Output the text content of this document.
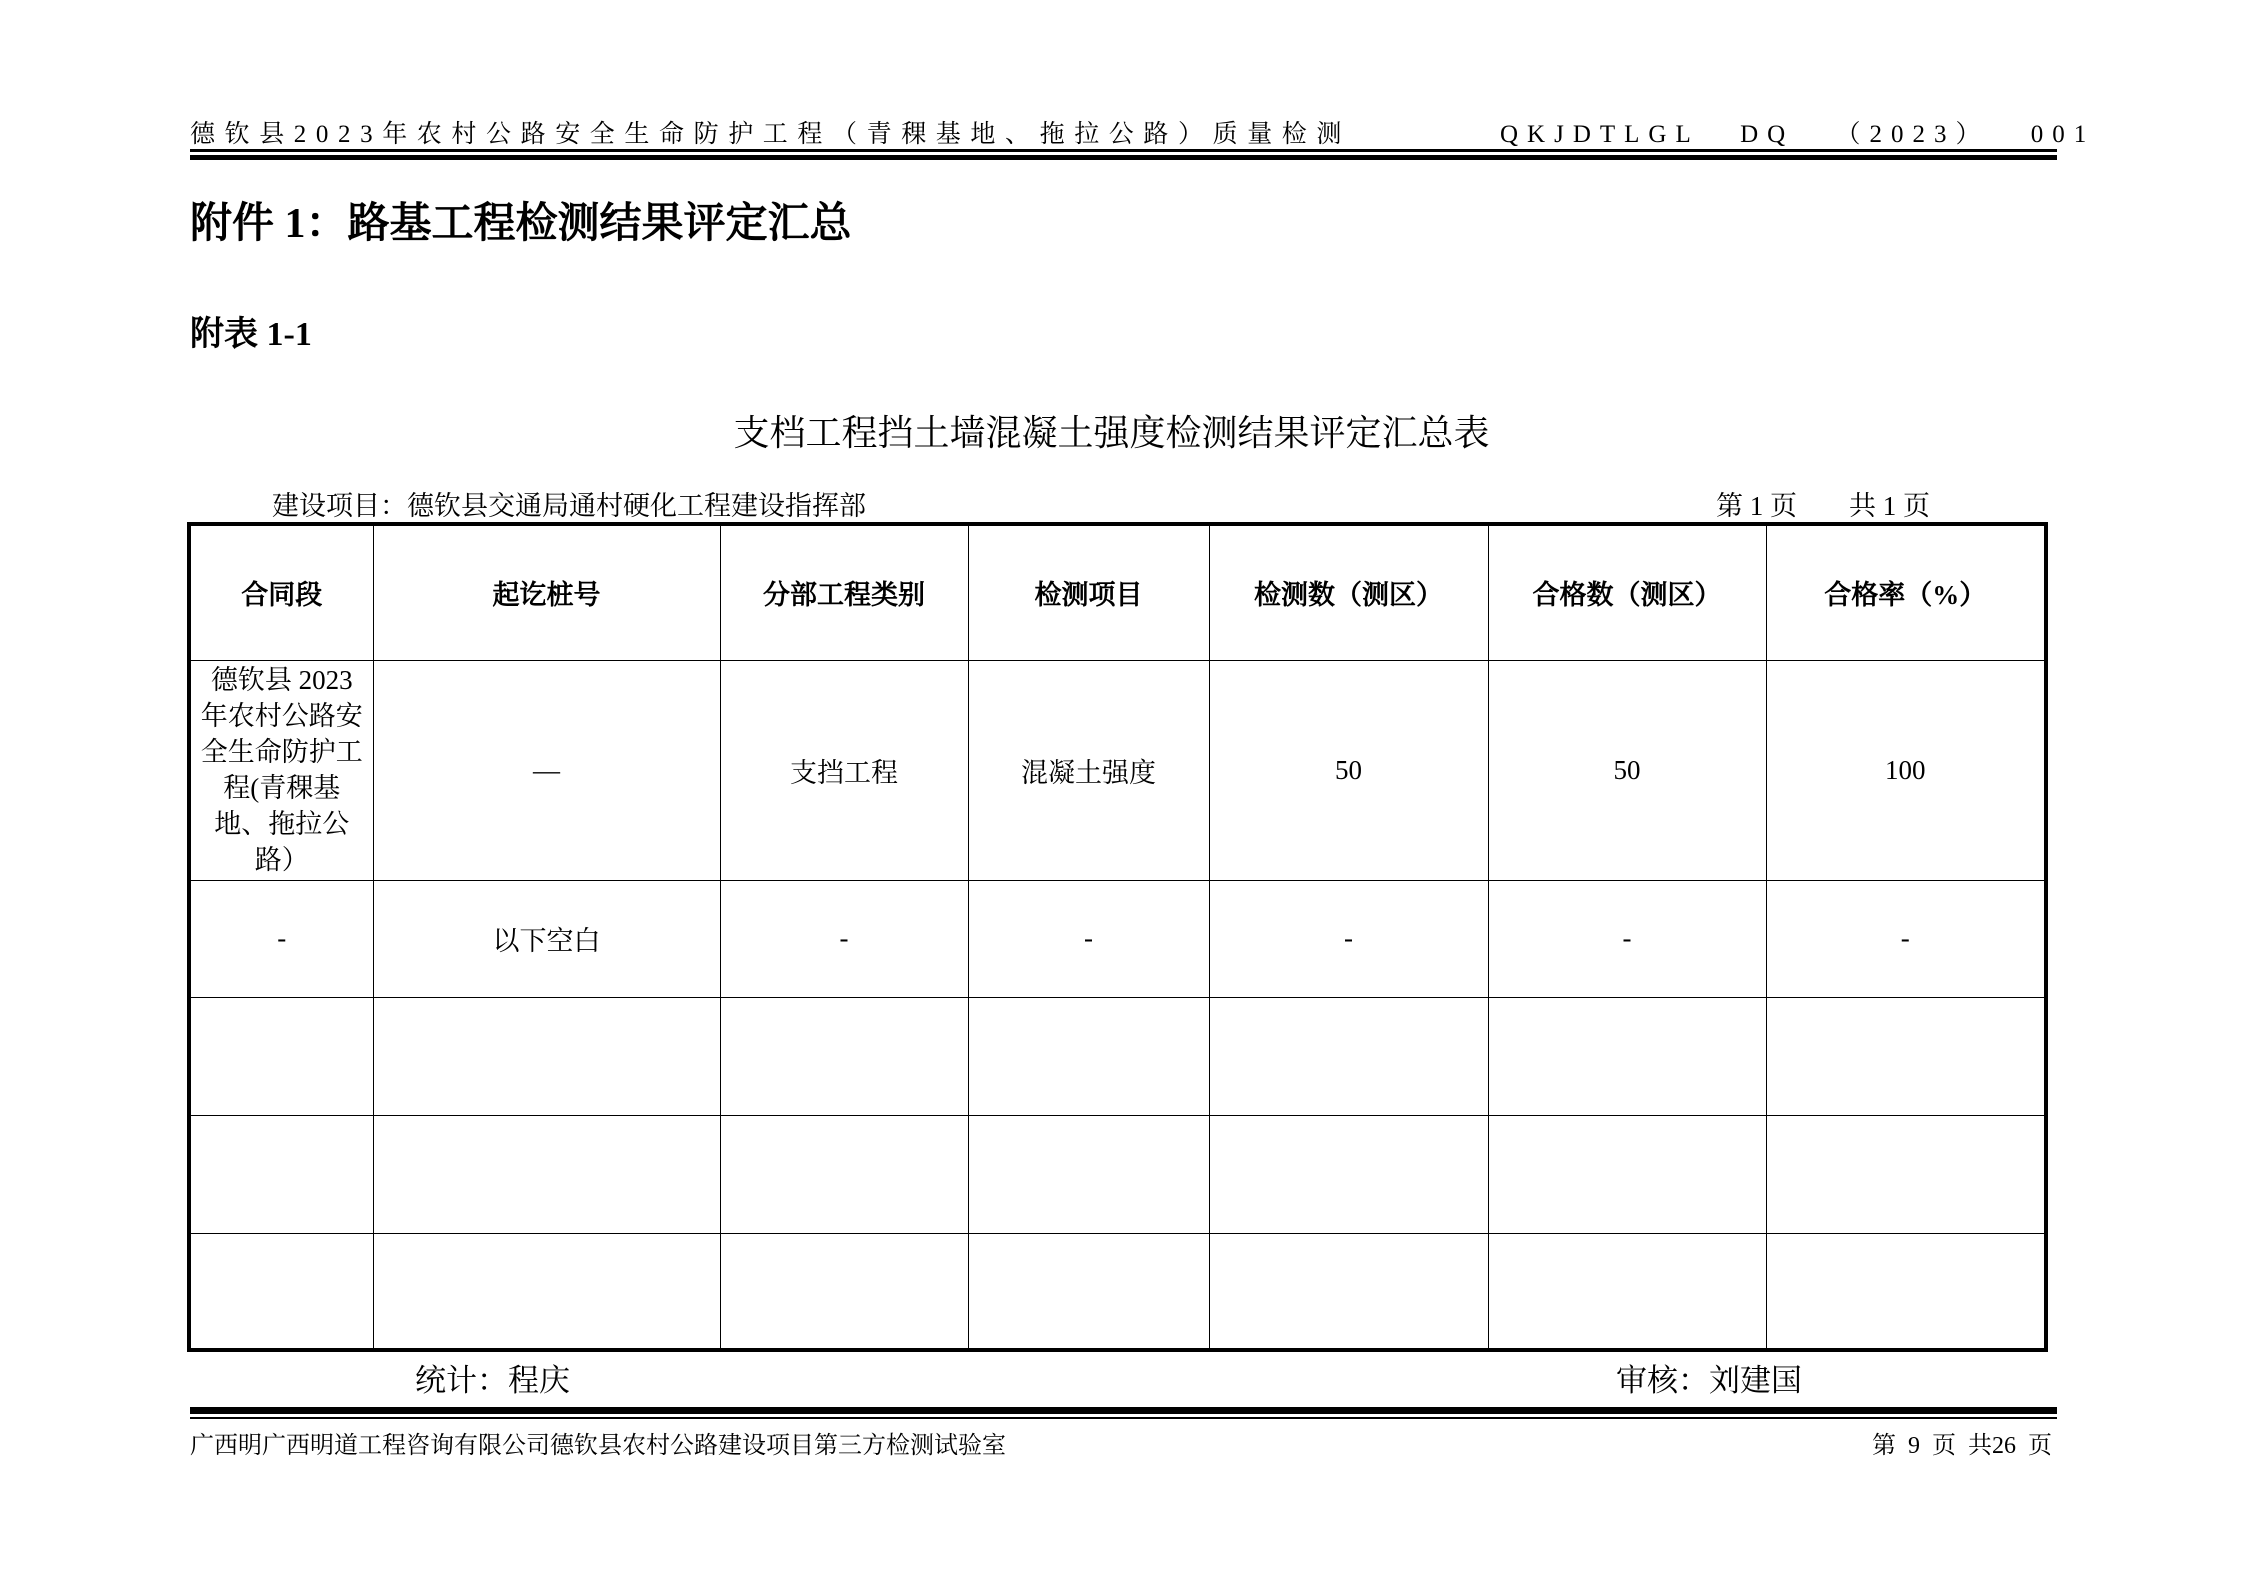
德钦县2023年农村公路安全生命防护工程（青稞基地、拖拉公路）质量检测	QKJDTLGL DQ （2023） 001
附件 1：路基工程检测结果评定汇总
附表 1-1
支档工程挡土墙混凝土强度检测结果评定汇总表
建设项目：德钦县交通局通村硬化工程建设指挥部	第 1 页 共 1 页
合同段	起讫桩号	分部工程类别	检测项目	检测数（测区）	合格数（测区）	合格率（%）
德钦县 2023 年农村公路安全生命防护工程(青稞基地、拖拉公路）	—	支挡工程	混凝土强度	50	50	100
-	以下空白	-	-	-	-	-

统计：程庆	审核：刘建国
广西明广西明道工程咨询有限公司德钦县农村公路建设项目第三方检测试验室	第 9 页 共26 页
